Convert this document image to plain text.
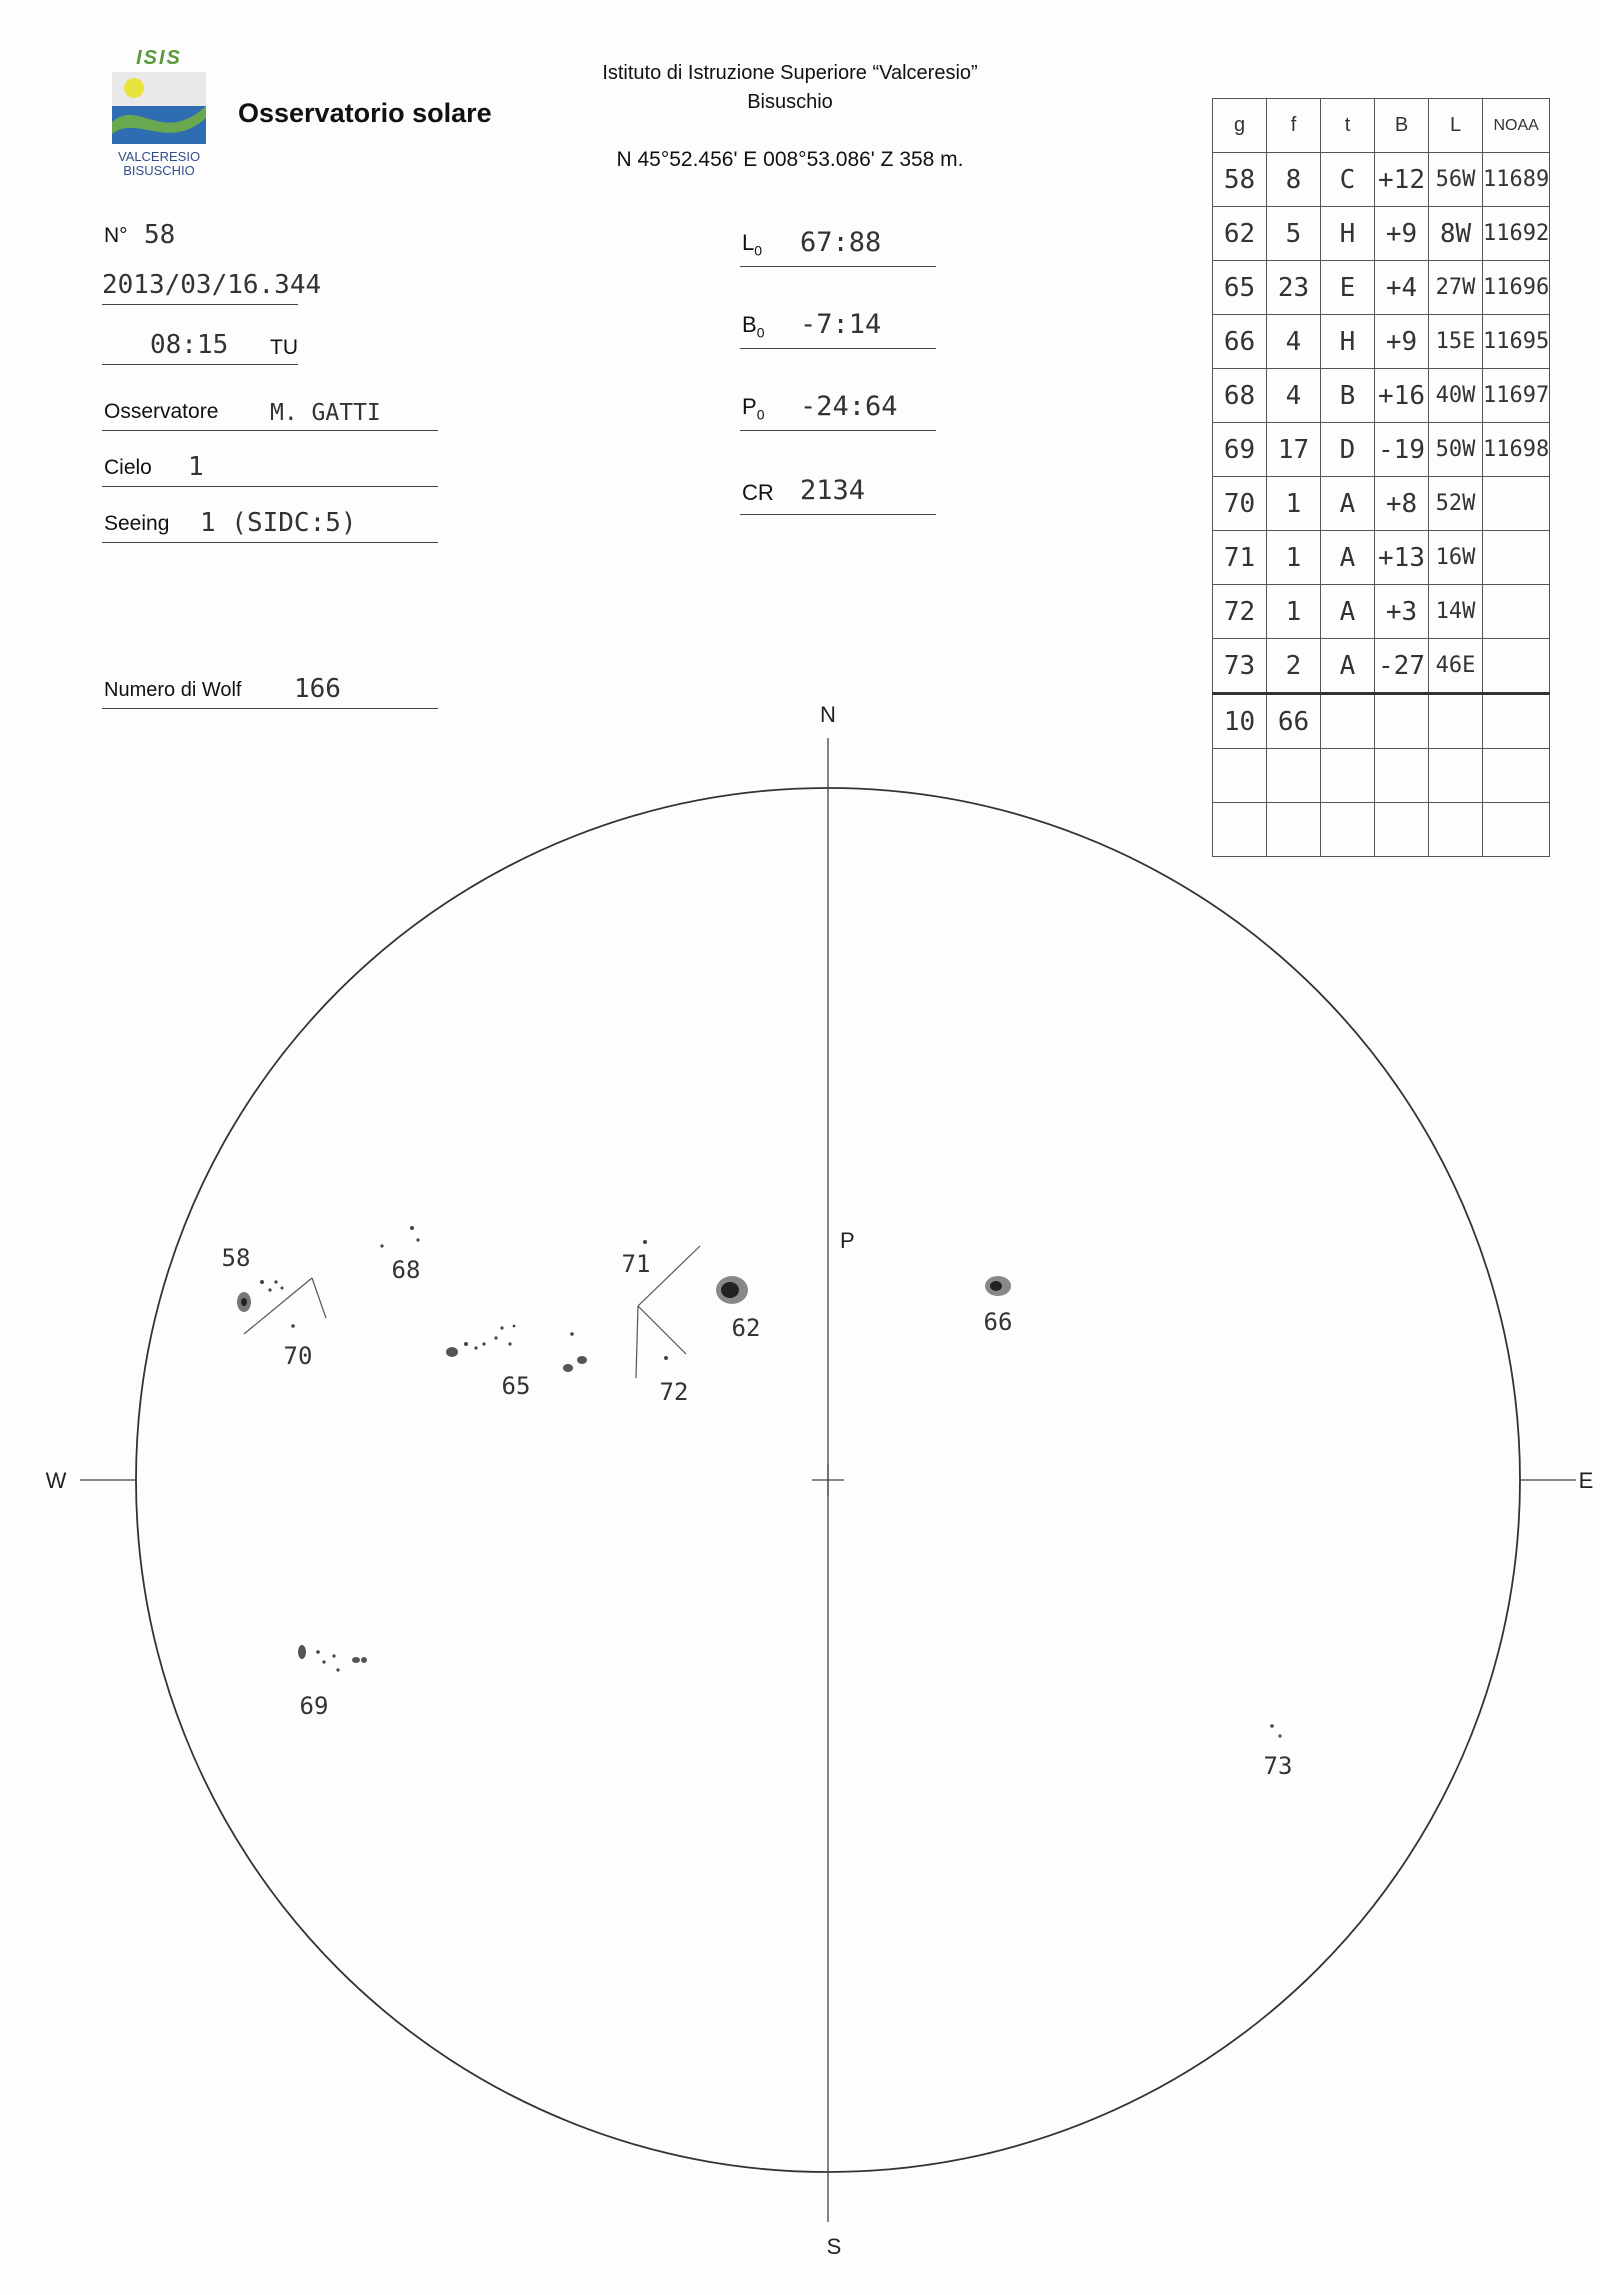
ISIS
VALCERESIO
BISUSCHIO
Osservatorio solare
Istituto di Istruzione Superiore “Valceresio”
Bisuschio
N 45°52.456' E 008°53.086' Z 358 m.
N° 58
2013/03/16.344
08:15 TU
Osservatore M. GATTI
Cielo 1
Seeing 1 (SIDC:5)
Numero di Wolf 166
$L_0$ 67:88
$B_0$ -7:14
$P_0$ -24:64
CR 2134
g	f	t	B	L	NOAA
58	8	C	+12	56W	11689
62	5	H	+9	8W	11692
65	23	E	+4	27W	11696
66	4	H	+9	15E	11695
68	4	B	+16	40W	11697
69	17	D	-19	50W	11698
70	1	A	+8	52W	
71	1	A	+13	16W	
72	1	A	+3	14W	
73	2	A	-27	46E	
10	66				

N
S
W	E
P
58	68	71
62	66
70
65	72
69
73
